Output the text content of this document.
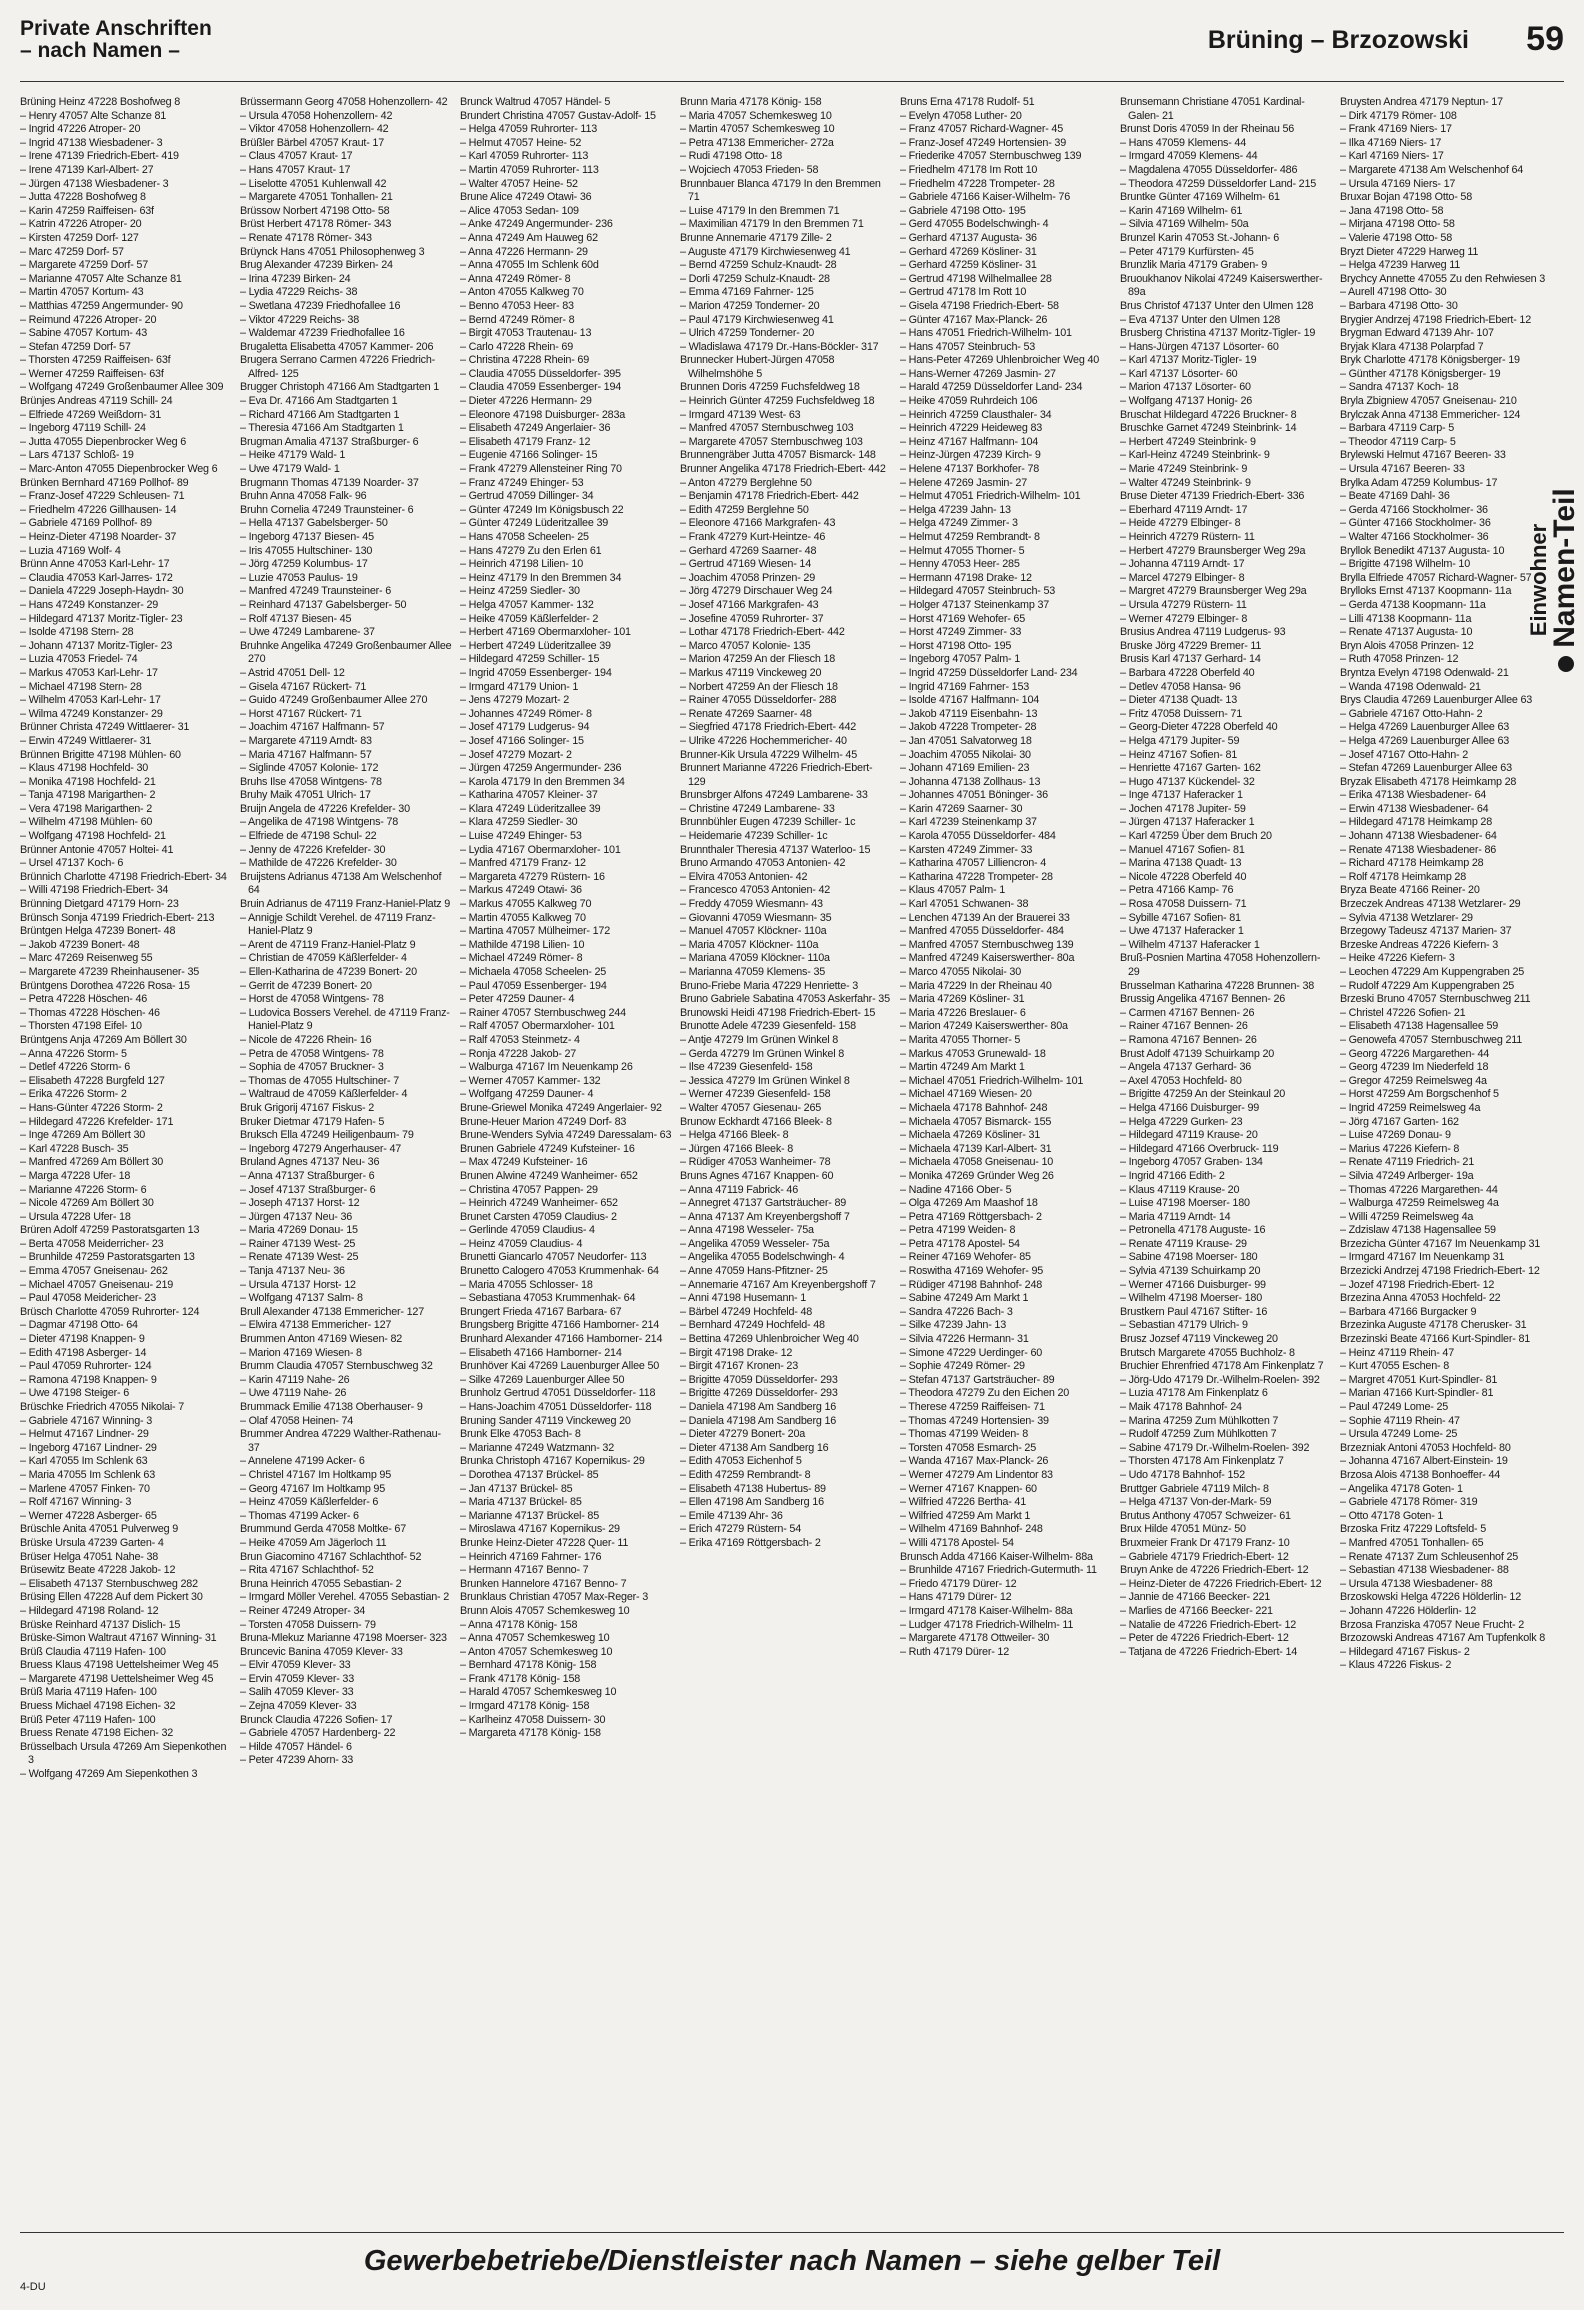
Private Anschriften
– nach Namen –	Brüning – Brzozowski 59
Brüning Heinz 47228 Boshofweg 8
– Henry 47057 Alte Schanze 81
– Ingrid 47226 Atroper- 20
– Ingrid 47138 Wiesbadener- 3
– Irene 47139 Friedrich-Ebert- 419
– Irene 47139 Karl-Albert- 27
– Jürgen 47138 Wiesbadener- 3
– Jutta 47228 Boshofweg 8
– Karin 47259 Raiffeisen- 63f
– Katrin 47226 Atroper- 20
– Kirsten 47259 Dorf- 127
– Marc 47259 Dorf- 57
– Margarete 47259 Dorf- 57
– Marianne 47057 Alte Schanze 81
– Martin 47057 Kortum- 43
– Matthias 47259 Angermunder- 90
– Reimund 47226 Atroper- 20
– Sabine 47057 Kortum- 43
– Stefan 47259 Dorf- 57
– Thorsten 47259 Raiffeisen- 63f
– Werner 47259 Raiffeisen- 63f
– Wolfgang 47249 Großenbaumer Allee 309
Brünjes Andreas 47119 Schill- 24
– Elfriede 47269 Weißdorn- 31
– Ingeborg 47119 Schill- 24
– Jutta 47055 Diepenbrocker Weg 6
– Lars 47137 Schloß- 19
– Marc-Anton 47055 Diepenbrocker Weg 6
Brünken Bernhard 47169 Pollhof- 89
– Franz-Josef 47229 Schleusen- 71
– Friedhelm 47226 Gillhausen- 14
– Gabriele 47169 Pollhof- 89
– Heinz-Dieter 47198 Noarder- 37
– Luzia 47169 Wolf- 4
Brünn Anne 47053 Karl-Lehr- 17
– Claudia 47053 Karl-Jarres- 172
– Daniela 47229 Joseph-Haydn- 30
– Hans 47249 Konstanzer- 29
– Hildegard 47137 Moritz-Tigler- 23
– Isolde 47198 Stern- 28
– Johann 47137 Moritz-Tigler- 23
– Luzia 47053 Friedel- 74
– Markus 47053 Karl-Lehr- 17
– Michael 47198 Stern- 28
– Wilhelm 47053 Karl-Lehr- 17
– Wilma 47249 Konstanzer- 29
Brünner Christa 47249 Wittlaerer- 31
– Erwin 47249 Wittlaerer- 31
Brünnen Brigitte 47198 Mühlen- 60
– Klaus 47198 Hochfeld- 30
– Monika 47198 Hochfeld- 21
– Tanja 47198 Marigarthen- 2
– Vera 47198 Marigarthen- 2
– Wilhelm 47198 Mühlen- 60
– Wolfgang 47198 Hochfeld- 21
Brünner Antonie 47057 Holtei- 41
– Ursel 47137 Koch- 6
Brünnich Charlotte 47198 Friedrich-Ebert- 34
– Willi 47198 Friedrich-Ebert- 34
Brünning Dietgard 47179 Horn- 23
Brünsch Sonja 47199 Friedrich-Ebert- 213
Brüntgen Helga 47239 Bonert- 48
– Jakob 47239 Bonert- 48
– Marc 47269 Reisenweg 55
– Margarete 47239 Rheinhausener- 35
Brüntgens Dorothea 47226 Rosa- 15
– Petra 47228 Höschen- 46
– Thomas 47228 Höschen- 46
– Thorsten 47198 Eifel- 10
Brüntgens Anja 47269 Am Böllert 30
– Anna 47226 Storm- 5
– Detlef 47226 Storm- 6
– Elisabeth 47228 Burgfeld 127
– Erika 47226 Storm- 2
– Hans-Günter 47226 Storm- 2
– Hildegard 47226 Krefelder- 171
– Inge 47269 Am Böllert 30
– Karl 47228 Busch- 35
– Manfred 47269 Am Böllert 30
– Marga 47228 Ufer- 18
– Marianne 47226 Storm- 6
– Nicole 47269 Am Böllert 30
– Ursula 47228 Ufer- 18
Brüren Adolf 47259 Pastoratsgarten 13
– Berta 47058 Meiderricher- 23
– Brunhilde 47259 Pastoratsgarten 13
– Emma 47057 Gneisenau- 262
– Michael 47057 Gneisenau- 219
– Paul 47058 Meidericher- 23
Brüsch Charlotte 47059 Ruhrorter- 124
– Dagmar 47198 Otto- 64
– Dieter 47198 Knappen- 9
– Edith 47198 Asberger- 14
– Paul 47059 Ruhrorter- 124
– Ramona 47198 Knappen- 9
– Uwe 47198 Steiger- 6
Brüschke Friedrich 47055 Nikolai- 7
– Gabriele 47167 Winning- 3
– Helmut 47167 Lindner- 29
– Ingeborg 47167 Lindner- 29
– Karl 47055 Im Schlenk 63
– Maria 47055 Im Schlenk 63
– Marlene 47057 Finken- 70
– Rolf 47167 Winning- 3
– Werner 47228 Asberger- 65
Brüschle Anita 47051 Pulverweg 9
Brüske Ursula 47239 Garten- 4
Brüser Helga 47051 Nahe- 38
Brüsewitz Beate 47228 Jakob- 12
– Elisabeth 47137 Sternbuschweg 282
Brüsing Ellen 47228 Auf dem Pickert 30
– Hildegard 47198 Roland- 12
Brüske Reinhard 47137 Dislich- 15
Brüske-Simon Waltraut 47167 Winning- 31
Brüß Claudia 47119 Hafen- 100
Bruess Klaus 47198 Uettelsheimer Weg 45
– Margarete 47198 Uettelsheimer Weg 45
Brüß Maria 47119 Hafen- 100
Bruess Michael 47198 Eichen- 32
Brüß Peter 47119 Hafen- 100
Bruess Renate 47198 Eichen- 32
Brüsselbach Ursula 47269 Am Siepenkothen 3
– Wolfgang 47269 Am Siepenkothen 3
Brüssermann Georg 47058 Hohenzollern- 42
– Ursula 47058 Hohenzollern- 42
– Viktor 47058 Hohenzollern- 42
Brüßler Bärbel 47057 Kraut- 17
– Claus 47057 Kraut- 17
– Hans 47057 Kraut- 17
– Liselotte 47051 Kuhlenwall 42
– Margarete 47051 Tonhallen- 21
Brüssow Norbert 47198 Otto- 58
Brüst Herbert 47178 Römer- 343
– Renate 47178 Römer- 343
Brüynck Hans 47051 Philosophenweg 3
Brug Alexander 47239 Birken- 24
– Irina 47239 Birken- 24
– Lydia 47229 Reichs- 38
– Swetlana 47239 Friedhofallee 16
– Viktor 47229 Reichs- 38
– Waldemar 47239 Friedhofallee 16
Brugaletta Elisabetta 47057 Kammer- 206
Brugera Serrano Carmen 47226 Friedrich-Alfred- 125
Brugger Christoph 47166 Am Stadtgarten 1
– Eva Dr. 47166 Am Stadtgarten 1
– Richard 47166 Am Stadtgarten 1
– Theresia 47166 Am Stadtgarten 1
Brugman Amalia 47137 Straßburger- 6
– Heike 47179 Wald- 1
– Uwe 47179 Wald- 1
Brugmann Thomas 47139 Noarder- 37
Bruhn Anna 47058 Falk- 96
Bruhn Cornelia 47249 Traunsteiner- 6
– Hella 47137 Gabelsberger- 50
– Ingeborg 47137 Biesen- 45
– Iris 47055 Hultschiner- 130
– Jörg 47259 Kolumbus- 17
– Luzie 47053 Paulus- 19
– Manfred 47249 Traunsteiner- 6
– Reinhard 47137 Gabelsberger- 50
– Rolf 47137 Biesen- 45
– Uwe 47249 Lambarene- 37
Bruhnke Angelika 47249 Großenbaumer Allee 270
– Astrid 47051 Dell- 12
– Gisela 47167 Rückert- 71
– Guido 47249 Großenbaumer Allee 270
– Horst 47167 Rückert- 71
– Joachim 47167 Halfmann- 57
– Margarete 47119 Arndt- 83
– Maria 47167 Halfmann- 57
– Siglinde 47057 Kolonie- 172
Bruhs Ilse 47058 Wintgens- 78
Bruhy Maik 47051 Ulrich- 17
Bruijn Angela de 47226 Krefelder- 30
– Angelika de 47198 Wintgens- 78
– Elfriede de 47198 Schul- 22
– Jenny de 47226 Krefelder- 30
– Mathilde de 47226 Krefelder- 30
Bruijstens Adrianus 47138 Am Welschenhof 64
Bruin Adrianus de 47119 Franz-Haniel-Platz 9
– Annigje Schildt Verehel. de 47119 Franz-Haniel-Platz 9
– Arent de 47119 Franz-Haniel-Platz 9
– Christian de 47059 Käßlerfelder- 4
– Ellen-Katharina de 47239 Bonert- 20
– Gerrit de 47239 Bonert- 20
– Horst de 47058 Wintgens- 78
– Ludovica Bossers Verehel. de 47119 Franz-Haniel-Platz 9
– Nicole de 47226 Rhein- 16
– Petra de 47058 Wintgens- 78
– Sophia de 47057 Bruckner- 3
– Thomas de 47055 Hultschiner- 7
– Waltraud de 47059 Käßlerfelder- 4
Bruk Grigorij 47167 Fiskus- 2
Bruker Dietmar 47179 Hafen- 5
Bruksch Ella 47249 Heiligenbaum- 79
– Ingeborg 47279 Angerhauser- 47
Bruland Agnes 47137 Neu- 36
– Anna 47137 Straßburger- 6
– Josef 47137 Straßburger- 6
– Joseph 47137 Horst- 12
– Jürgen 47137 Neu- 36
– Maria 47269 Donau- 15
– Rainer 47139 West- 25
– Renate 47139 West- 25
– Tanja 47137 Neu- 36
– Ursula 47137 Horst- 12
– Wolfgang 47137 Salm- 8
Brull Alexander 47138 Emmericher- 127
– Elwira 47138 Emmericher- 127
Brummen Anton 47169 Wiesen- 82
– Marion 47169 Wiesen- 8
Brumm Claudia 47057 Sternbuschweg 32
– Karin 47119 Nahe- 26
– Uwe 47119 Nahe- 26
Brummack Emilie 47138 Oberhauser- 9
– Olaf 47058 Heinen- 74
Brummer Andrea 47229 Walther-Rathenau- 37
– Annelene 47199 Acker- 6
– Christel 47167 Im Holtkamp 95
– Georg 47167 Im Holtkamp 95
– Heinz 47059 Käßlerfelder- 6
– Thomas 47199 Acker- 6
Brummund Gerda 47058 Moltke- 67
– Heike 47059 Am Jägerloch 11
Brun Giacomino 47167 Schlachthof- 52
– Rita 47167 Schlachthof- 52
Bruna Heinrich 47055 Sebastian- 2
– Irmgard Möller Verehel. 47055 Sebastian- 2
– Reiner 47249 Atroper- 34
– Torsten 47058 Duissern- 79
Bruna-Mlekuz Marianne 47198 Moerser- 323
Bruncevic Banina 47059 Klever- 33
– Elvir 47059 Klever- 33
– Ervin 47059 Klever- 33
– Salih 47059 Klever- 33
– Zejna 47059 Klever- 33
Brunck Claudia 47226 Sofien- 17
– Gabriele 47057 Hardenberg- 22
– Hilde 47057 Händel- 6
– Peter 47239 Ahorn- 33
Brunck Waltrud 47057 Händel- 5
Brundert Christina 47057 Gustav-Adolf- 15
– Helga 47059 Ruhrorter- 113
– Helmut 47057 Heine- 52
– Karl 47059 Ruhrorter- 113
– Martin 47059 Ruhrorter- 113
– Walter 47057 Heine- 52
Brune Alice 47249 Otawi- 36
– Alice 47053 Sedan- 109
– Anke 47249 Angermunder- 236
– Anna 47249 Am Hauweg 62
– Anna 47226 Hermann- 29
– Anna 47055 Im Schlenk 60d
– Anna 47249 Römer- 8
– Anton 47055 Kalkweg 70
– Benno 47053 Heer- 83
– Bernd 47249 Römer- 8
– Birgit 47053 Trautenau- 13
– Carlo 47228 Rhein- 69
– Christina 47228 Rhein- 69
– Claudia 47055 Düsseldorfer- 395
– Claudia 47059 Essenberger- 194
– Dieter 47226 Hermann- 29
– Eleonore 47198 Duisburger- 283a
– Elisabeth 47249 Angerlaier- 36
– Elisabeth 47179 Franz- 12
– Eugenie 47166 Solinger- 15
– Frank 47279 Allensteiner Ring 70
– Franz 47249 Ehinger- 53
– Gertrud 47059 Dillinger- 34
– Günter 47249 Im Königsbusch 22
– Günter 47249 Lüderitzallee 39
– Hans 47058 Scheelen- 25
– Hans 47279 Zu den Erlen 61
– Heinrich 47198 Lilien- 10
– Heinz 47179 In den Bremmen 34
– Heinz 47259 Siedler- 30
– Helga 47057 Kammer- 132
– Heike 47059 Käßlerfelder- 2
– Herbert 47169 Obermarxloher- 101
– Herbert 47249 Lüderitzallee 39
– Hildegard 47259 Schiller- 15
– Ingrid 47059 Essenberger- 194
– Irmgard 47179 Union- 1
– Jens 47279 Mozart- 2
– Johannes 47249 Römer- 8
– Josef 47179 Ludgerus- 94
– Josef 47166 Solinger- 15
– Josef 47279 Mozart- 2
– Jürgen 47259 Angermunder- 236
– Karola 47179 In den Bremmen 34
– Katharina 47057 Kleiner- 37
– Klara 47249 Lüderitzallee 39
– Klara 47259 Siedler- 30
– Luise 47249 Ehinger- 53
– Lydia 47167 Obermarxloher- 101
– Manfred 47179 Franz- 12
– Margareta 47279 Rüstern- 16
– Markus 47249 Otawi- 36
– Markus 47055 Kalkweg 70
– Martin 47055 Kalkweg 70
– Martina 47057 Mülheimer- 172
– Mathilde 47198 Lilien- 10
– Michael 47249 Römer- 8
– Michaela 47058 Scheelen- 25
– Paul 47059 Essenberger- 194
– Peter 47259 Dauner- 4
– Rainer 47057 Sternbuschweg 244
– Ralf 47057 Obermarxloher- 101
– Ralf 47053 Steinmetz- 4
– Ronja 47228 Jakob- 27
– Walburga 47167 Im Neuenkamp 26
– Werner 47057 Kammer- 132
– Wolfgang 47259 Dauner- 4
Brune-Griewel Monika 47249 Angerlaier- 92
Brune-Heuer Marion 47249 Dorf- 83
Brune-Wenders Sylvia 47249 Daressalam- 63
Brunen Gabriele 47249 Kufsteiner- 16
– Max 47249 Kufsteiner- 16
Brunen Alwine 47249 Wanheimer- 652
– Christina 47057 Pappen- 29
– Heinrich 47249 Wanheimer- 652
Brunet Carsten 47059 Claudius- 2
– Gerlinde 47059 Claudius- 4
– Heinz 47059 Claudius- 4
Brunetti Giancarlo 47057 Neudorfer- 113
Brunetto Calogero 47053 Krummenhak- 64
– Maria 47055 Schlosser- 18
– Sebastiana 47053 Krummenhak- 64
Brungert Frieda 47167 Barbara- 67
Brungsberg Brigitte 47166 Hamborner- 214
Brunhard Alexander 47166 Hamborner- 214
– Elisabeth 47166 Hamborner- 214
Brunhöver Kai 47269 Lauenburger Allee 50
– Silke 47269 Lauenburger Allee 50
Brunholz Gertrud 47051 Düsseldorfer- 118
– Hans-Joachim 47051 Düsseldorfer- 118
Bruning Sander 47119 Vinckeweg 20
Brunk Elke 47053 Bach- 8
– Marianne 47249 Watzmann- 32
Brunka Christoph 47167 Kopernikus- 29
– Dorothea 47137 Brückel- 85
– Jan 47137 Brückel- 85
– Maria 47137 Brückel- 85
– Marianne 47137 Brückel- 85
– Miroslawa 47167 Kopernikus- 29
Brunke Heinz-Dieter 47228 Quer- 11
– Heinrich 47169 Fahrner- 176
– Hermann 47167 Benno- 7
Brunken Hannelore 47167 Benno- 7
Brunklaus Christian 47057 Max-Reger- 3
Brunn Alois 47057 Schemkesweg 10
– Anna 47178 König- 158
– Anna 47057 Schemkesweg 10
– Anton 47057 Schemkesweg 10
– Bernhard 47178 König- 158
– Frank 47178 König- 158
– Harald 47057 Schemkesweg 10
– Irmgard 47178 König- 158
– Karlheinz 47058 Duissern- 30
– Margareta 47178 König- 158
Brunn Maria 47178 König- 158
– Maria 47057 Schemkesweg 10
– Martin 47057 Schemkesweg 10
– Petra 47138 Emmericher- 272a
– Rudi 47198 Otto- 18
– Wojciech 47053 Frieden- 58
Brunnbauer Blanca 47179 In den Bremmen 71
– Luise 47179 In den Bremmen 71
– Maximilian 47179 In den Bremmen 71
Brunne Annemarie 47179 Zille- 2
– Auguste 47179 Kirchwiesenweg 41
– Bernd 47259 Schulz-Knaudt- 28
– Dorli 47259 Schulz-Knaudt- 28
– Emma 47169 Fahrner- 125
– Marion 47259 Tonderner- 20
– Paul 47179 Kirchwiesenweg 41
– Ulrich 47259 Tonderner- 20
– Wladislawa 47179 Dr.-Hans-Böckler- 317
Brunnecker Hubert-Jürgen 47058 Wilhelmshöhe 5
Brunnen Doris 47259 Fuchsfeldweg 18
– Heinrich Günter 47259 Fuchsfeldweg 18
– Irmgard 47139 West- 63
– Manfred 47057 Sternbuschweg 103
– Margarete 47057 Sternbuschweg 103
Brunnengräber Jutta 47057 Bismarck- 148
Brunner Angelika 47178 Friedrich-Ebert- 442
– Anton 47279 Berglehne 50
– Benjamin 47178 Friedrich-Ebert- 442
– Edith 47259 Berglehne 50
– Eleonore 47166 Markgrafen- 43
– Frank 47279 Kurt-Heintze- 46
– Gerhard 47269 Saarner- 48
– Gertrud 47169 Wiesen- 14
– Joachim 47058 Prinzen- 29
– Jörg 47279 Dirschauer Weg 24
– Josef 47166 Markgrafen- 43
– Josefine 47059 Ruhrorter- 37
– Lothar 47178 Friedrich-Ebert- 442
– Marco 47057 Kolonie- 135
– Marion 47259 An der Fliesch 18
– Markus 47119 Vinckeweg 20
– Norbert 47259 An der Fliesch 18
– Rainer 47055 Düsseldorfer- 288
– Renate 47269 Saarner- 48
– Siegfried 47178 Friedrich-Ebert- 442
– Ulrike 47226 Hochemmericher- 40
Brunner-Kik Ursula 47229 Wilhelm- 45
Brunnert Marianne 47226 Friedrich-Ebert- 129
Brunsbrger Alfons 47249 Lambarene- 33
– Christine 47249 Lambarene- 33
Brunnbühler Eugen 47239 Schiller- 1c
– Heidemarie 47239 Schiller- 1c
Brunnthaler Theresia 47137 Waterloo- 15
Bruno Armando 47053 Antonien- 42
– Elvira 47053 Antonien- 42
– Francesco 47053 Antonien- 42
– Freddy 47059 Wiesmann- 43
– Giovanni 47059 Wiesmann- 35
– Manuel 47057 Klöckner- 110a
– Maria 47057 Klöckner- 110a
– Mariana 47059 Klöckner- 110a
– Marianna 47059 Klemens- 35
Bruno-Friebe Maria 47229 Henriette- 3
Bruno Gabriele Sabatina 47053 Askerfahr- 35
Brunowski Heidi 47198 Friedrich-Ebert- 15
Brunotte Adele 47239 Giesenfeld- 158
– Antje 47279 Im Grünen Winkel 8
– Gerda 47279 Im Grünen Winkel 8
– Ilse 47239 Giesenfeld- 158
– Jessica 47279 Im Grünen Winkel 8
– Werner 47239 Giesenfeld- 158
– Walter 47057 Giesenau- 265
Brunow Eckhardt 47166 Bleek- 8
– Helga 47166 Bleek- 8
– Jürgen 47166 Bleek- 8
– Rüdiger 47053 Wanheimer- 78
Bruns Agnes 47167 Knappen- 60
– Anna 47119 Fabrick- 46
– Annegret 47137 Gartsträucher- 89
– Anna 47137 Am Kreyenbergshoff 7
– Anna 47198 Wesseler- 75a
– Angelika 47059 Wesseler- 75a
– Angelika 47055 Bodelschwingh- 4
– Anne 47059 Hans-Pfitzner- 25
– Annemarie 47167 Am Kreyenbergshoff 7
– Anni 47198 Husemann- 1
– Bärbel 47249 Hochfeld- 48
– Bernhard 47249 Hochfeld- 48
– Bettina 47269 Uhlenbroicher Weg 40
– Birgit 47198 Drake- 12
– Birgit 47167 Kronen- 23
– Brigitte 47059 Düsseldorfer- 293
– Brigitte 47269 Düsseldorfer- 293
– Daniela 47198 Am Sandberg 16
– Daniela 47198 Am Sandberg 16
– Dieter 47279 Bonert- 20a
– Dieter 47138 Am Sandberg 16
– Edith 47053 Eichenhof 5
– Edith 47259 Rembrandt- 8
– Elisabeth 47138 Hubertus- 89
– Ellen 47198 Am Sandberg 16
– Emile 47139 Ahr- 36
– Erich 47279 Rüstern- 54
– Erika 47169 Röttgersbach- 2
Bruns Erna 47178 Rudolf- 51
– Evelyn 47058 Luther- 20
– Franz 47057 Richard-Wagner- 45
– Franz-Josef 47249 Hortensien- 39
– Friederike 47057 Sternbuschweg 139
– Friedhelm 47178 Im Rott 10
– Friedhelm 47228 Trompeter- 28
– Gabriele 47166 Kaiser-Wilhelm- 76
– Gabriele 47198 Otto- 195
– Gerd 47055 Bodelschwingh- 4
– Gerhard 47137 Augusta- 36
– Gerhard 47269 Kösliner- 31
– Gerhard 47259 Kösliner- 31
– Gertrud 47198 Wilhelmallee 28
– Gertrud 47178 Im Rott 10
– Gisela 47198 Friedrich-Ebert- 58
– Günter 47167 Max-Planck- 26
– Hans 47051 Friedrich-Wilhelm- 101
– Hans 47057 Steinbruch- 53
– Hans-Peter 47269 Uhlenbroicher Weg 40
– Hans-Werner 47269 Jasmin- 27
– Harald 47259 Düsseldorfer Land- 234
– Heike 47059 Ruhrdeich 106
– Heinrich 47259 Clausthaler- 34
– Heinrich 47229 Heideweg 83
– Heinz 47167 Halfmann- 104
– Heinz-Jürgen 47239 Kirch- 9
– Helene 47137 Borkhofer- 78
– Helene 47269 Jasmin- 27
– Helmut 47051 Friedrich-Wilhelm- 101
– Helga 47239 Jahn- 13
– Helga 47249 Zimmer- 3
– Helmut 47259 Rembrandt- 8
– Helmut 47055 Thorner- 5
– Henny 47053 Heer- 285
– Hermann 47198 Drake- 12
– Hildegard 47057 Steinbruch- 53
– Holger 47137 Steinenkamp 37
– Horst 47169 Wehofer- 65
– Horst 47249 Zimmer- 33
– Horst 47198 Otto- 195
– Ingeborg 47057 Palm- 1
– Ingrid 47259 Düsseldorfer Land- 234
– Ingrid 47169 Fahrner- 153
– Isolde 47167 Halfmann- 104
– Jakob 47119 Eisenbahn- 13
– Jakob 47228 Trompeter- 28
– Jan 47051 Salvatorweg 18
– Joachim 47055 Nikolai- 30
– Johann 47169 Emilien- 23
– Johanna 47138 Zollhaus- 13
– Johannes 47051 Böninger- 36
– Karin 47269 Saarner- 30
– Karl 47239 Steinenkamp 37
– Karola 47055 Düsseldorfer- 484
– Karsten 47249 Zimmer- 33
– Katharina 47057 Lilliencron- 4
– Katharina 47228 Trompeter- 28
– Klaus 47057 Palm- 1
– Karl 47051 Schwanen- 38
– Lenchen 47139 An der Brauerei 33
– Manfred 47055 Düsseldorfer- 484
– Manfred 47057 Sternbuschweg 139
– Manfred 47249 Kaiserswerther- 80a
– Marco 47055 Nikolai- 30
– Maria 47229 In der Rheinau 40
– Maria 47269 Kösliner- 31
– Maria 47226 Breslauer- 6
– Marion 47249 Kaiserswerther- 80a
– Marita 47055 Thorner- 5
– Markus 47053 Grunewald- 18
– Martin 47249 Am Markt 1
– Michael 47051 Friedrich-Wilhelm- 101
– Michael 47169 Wiesen- 20
– Michaela 47178 Bahnhof- 248
– Michaela 47057 Bismarck- 155
– Michaela 47269 Kösliner- 31
– Michaela 47139 Karl-Albert- 31
– Michaela 47058 Gneisenau- 10
– Monika 47269 Gründer Weg 26
– Nadine 47166 Ober- 5
– Olga 47269 Am Maashof 18
– Petra 47169 Röttgersbach- 2
– Petra 47199 Weiden- 8
– Petra 47178 Apostel- 54
– Reiner 47169 Wehofer- 85
– Roswitha 47169 Wehofer- 95
– Rüdiger 47198 Bahnhof- 248
– Sabine 47249 Am Markt 1
– Sandra 47226 Bach- 3
– Silke 47239 Jahn- 13
– Silvia 47226 Hermann- 31
– Simone 47229 Uerdinger- 60
– Sophie 47249 Römer- 29
– Stefan 47137 Gartsträucher- 89
– Theodora 47279 Zu den Eichen 20
– Therese 47259 Raiffeisen- 71
– Thomas 47249 Hortensien- 39
– Thomas 47199 Weiden- 8
– Torsten 47058 Esmarch- 25
– Wanda 47167 Max-Planck- 26
– Werner 47279 Am Lindentor 83
– Werner 47167 Knappen- 60
– Wilfried 47226 Bertha- 41
– Wilfried 47259 Am Markt 1
– Wilhelm 47169 Bahnhof- 248
– Willi 47178 Apostel- 54
Brunsch Adda 47166 Kaiser-Wilhelm- 88a
– Brunhilde 47167 Friedrich-Gutermuth- 11
– Friedo 47179 Dürer- 12
– Hans 47179 Dürer- 12
– Irmgard 47178 Kaiser-Wilhelm- 88a
– Ludger 47178 Friedrich-Wilhelm- 11
– Margarete 47178 Ottweiler- 30
– Ruth 47179 Dürer- 12
Brunsemann Christiane 47051 Kardinal-Galen- 21
Brunst Doris 47059 In der Rheinau 56
– Hans 47059 Klemens- 44
– Irmgard 47059 Klemens- 44
– Magdalena 47055 Düsseldorfer- 486
– Theodora 47259 Düsseldorfer Land- 215
Bruntke Günter 47169 Wilhelm- 61
– Karin 47169 Wilhelm- 61
– Silvia 47169 Wilhelm- 50a
Brunzel Karin 47053 St.-Johann- 6
– Peter 47179 Kurfürsten- 45
Brunzlik Maria 47179 Graben- 9
Bruoukhanov Nikolai 47249 Kaiserswerther- 89a
Brus Christof 47137 Unter den Ulmen 128
– Eva 47137 Unter den Ulmen 128
Brusberg Christina 47137 Moritz-Tigler- 19
– Hans-Jürgen 47137 Lösorter- 60
– Karl 47137 Moritz-Tigler- 19
– Karl 47137 Lösorter- 60
– Marion 47137 Lösorter- 60
– Wolfgang 47137 Honig- 26
Bruschat Hildegard 47226 Bruckner- 8
Bruschke Garnet 47249 Steinbrink- 14
– Herbert 47249 Steinbrink- 9
– Karl-Heinz 47249 Steinbrink- 9
– Marie 47249 Steinbrink- 9
– Walter 47249 Steinbrink- 9
Bruse Dieter 47139 Friedrich-Ebert- 336
– Eberhard 47119 Arndt- 17
– Heide 47279 Elbinger- 8
– Heinrich 47279 Rüstern- 11
– Herbert 47279 Braunsberger Weg 29a
– Johanna 47119 Arndt- 17
– Marcel 47279 Elbinger- 8
– Margret 47279 Braunsberger Weg 29a
– Ursula 47279 Rüstern- 11
– Werner 47279 Elbinger- 8
Brusius Andrea 47119 Ludgerus- 93
Bruske Jörg 47229 Bremer- 11
Brusis Karl 47137 Gerhard- 14
– Barbara 47228 Oberfeld 40
– Detlev 47058 Hansa- 96
– Dieter 47138 Quadt- 13
– Fritz 47058 Duissern- 71
– Georg-Dieter 47228 Oberfeld 40
– Helga 47179 Jupiter- 59
– Heinz 47167 Sofien- 81
– Henriette 47167 Garten- 162
– Hugo 47137 Kückendel- 32
– Inge 47137 Haferacker 1
– Jochen 47178 Jupiter- 59
– Jürgen 47137 Haferacker 1
– Karl 47259 Über dem Bruch 20
– Manuel 47167 Sofien- 81
– Marina 47138 Quadt- 13
– Nicole 47228 Oberfeld 40
– Petra 47166 Kamp- 76
– Rosa 47058 Duissern- 71
– Sybille 47167 Sofien- 81
– Uwe 47137 Haferacker 1
– Wilhelm 47137 Haferacker 1
Bruß-Posnien Martina 47058 Hohenzollern- 29
Brusselman Katharina 47228 Brunnen- 38
Brussig Angelika 47167 Bennen- 26
– Carmen 47167 Bennen- 26
– Rainer 47167 Bennen- 26
– Ramona 47167 Bennen- 26
Brust Adolf 47139 Schuirkamp 20
– Angela 47137 Gerhard- 36
– Axel 47053 Hochfeld- 80
– Brigitte 47259 An der Steinkaul 20
– Helga 47166 Duisburger- 99
– Helga 47229 Gurken- 23
– Hildegard 47119 Krause- 20
– Hildegard 47166 Overbruck- 119
– Ingeborg 47057 Graben- 134
– Ingrid 47166 Edith- 2
– Klaus 47119 Krause- 20
– Luise 47198 Moerser- 180
– Maria 47119 Arndt- 14
– Petronella 47178 Auguste- 16
– Renate 47119 Krause- 29
– Sabine 47198 Moerser- 180
– Sylvia 47139 Schuirkamp 20
– Werner 47166 Duisburger- 99
– Wilhelm 47198 Moerser- 180
Brustkern Paul 47167 Stifter- 16
– Sebastian 47179 Ulrich- 9
Brusz Jozsef 47119 Vinckeweg 20
Brutsch Margarete 47055 Buchholz- 8
Bruchier Ehrenfried 47178 Am Finkenplatz 7
– Jörg-Udo 47179 Dr.-Wilhelm-Roelen- 392
– Luzia 47178 Am Finkenplatz 6
– Maik 47178 Bahnhof- 24
– Marina 47259 Zum Mühlkotten 7
– Rudolf 47259 Zum Mühlkotten 7
– Sabine 47179 Dr.-Wilhelm-Roelen- 392
– Thorsten 47178 Am Finkenplatz 7
– Udo 47178 Bahnhof- 152
Bruttger Gabriele 47119 Milch- 8
– Helga 47137 Von-der-Mark- 59
Brutus Anthony 47057 Schweizer- 61
Brux Hilde 47051 Münz- 50
Bruxmeier Frank Dr 47179 Franz- 10
– Gabriele 47179 Friedrich-Ebert- 12
Bruyn Anke de 47226 Friedrich-Ebert- 12
– Heinz-Dieter de 47226 Friedrich-Ebert- 12
– Jannie de 47166 Beecker- 221
– Marlies de 47166 Beecker- 221
– Natalie de 47226 Friedrich-Ebert- 12
– Peter de 47226 Friedrich-Ebert- 12
– Tatjana de 47226 Friedrich-Ebert- 14
Bruysten Andrea 47179 Neptun- 17
– Dirk 47179 Römer- 108
– Frank 47169 Niers- 17
– Ilka 47169 Niers- 17
– Karl 47169 Niers- 17
– Margarete 47138 Am Welschenhof 64
– Ursula 47169 Niers- 17
Bruxar Bojan 47198 Otto- 58
– Jana 47198 Otto- 58
– Mirjana 47198 Otto- 58
– Valerie 47198 Otto- 58
Bryzt Dieter 47229 Harweg 11
– Helga 47239 Harweg 11
Brychcy Annette 47055 Zu den Rehwiesen 3
– Aurell 47198 Otto- 30
– Barbara 47198 Otto- 30
Brygier Andrzej 47198 Friedrich-Ebert- 12
Brygman Edward 47139 Ahr- 107
Bryjak Klara 47138 Polarpfad 7
Bryk Charlotte 47178 Königsberger- 19
– Günther 47178 Königsberger- 19
– Sandra 47137 Koch- 18
Bryla Zbigniew 47057 Gneisenau- 210
Brylczak Anna 47138 Emmericher- 124
– Barbara 47119 Carp- 5
– Theodor 47119 Carp- 5
Brylewski Helmut 47167 Beeren- 33
– Ursula 47167 Beeren- 33
Brylka Adam 47259 Kolumbus- 17
– Beate 47169 Dahl- 36
– Gerda 47166 Stockholmer- 36
– Günter 47166 Stockholmer- 36
– Walter 47166 Stockholmer- 36
Bryllok Benedikt 47137 Augusta- 10
– Brigitte 47198 Wilhelm- 10
Brylla Elfriede 47057 Richard-Wagner- 57
Brylloks Ernst 47137 Koopmann- 11a
– Gerda 47138 Koopmann- 11a
– Lilli 47138 Koopmann- 11a
– Renate 47137 Augusta- 10
Bryn Alois 47058 Prinzen- 12
– Ruth 47058 Prinzen- 12
Bryntza Evelyn 47198 Odenwald- 21
– Wanda 47198 Odenwald- 21
Brys Claudia 47269 Lauenburger Allee 63
– Gabriele 47167 Otto-Hahn- 2
– Helga 47269 Lauenburger Allee 63
– Helga 47269 Lauenburger Allee 63
– Josef 47167 Otto-Hahn- 2
– Stefan 47269 Lauenburger Allee 63
Bryzak Elisabeth 47178 Heimkamp 28
– Erika 47138 Wiesbadener- 64
– Erwin 47138 Wiesbadener- 64
– Hildegard 47178 Heimkamp 28
– Johann 47138 Wiesbadener- 64
– Renate 47138 Wiesbadener- 86
– Richard 47178 Heimkamp 28
– Rolf 47178 Heimkamp 28
Bryza Beate 47166 Reiner- 20
Brzeczek Andreas 47138 Wetzlarer- 29
– Sylvia 47138 Wetzlarer- 29
Brzegowy Tadeusz 47137 Marien- 37
Brzeske Andreas 47226 Kiefern- 3
– Heike 47226 Kiefern- 3
– Leochen 47229 Am Kuppengraben 25
– Rudolf 47229 Am Kuppengraben 25
Brzeski Bruno 47057 Sternbuschweg 211
– Christel 47226 Sofien- 21
– Elisabeth 47138 Hagensallee 59
– Genowefa 47057 Sternbuschweg 211
– Georg 47226 Margarethen- 44
– Georg 47239 Im Niederfeld 18
– Gregor 47259 Reimelsweg 4a
– Horst 47259 Am Borgschenhof 5
– Ingrid 47259 Reimelsweg 4a
– Jörg 47167 Garten- 162
– Luise 47269 Donau- 9
– Marius 47226 Kiefern- 8
– Renate 47119 Friedrich- 21
– Silvia 47249 Arlberger- 19a
– Thomas 47226 Margarethen- 44
– Walburga 47259 Reimelsweg 4a
– Willi 47259 Reimelsweg 4a
– Zdzislaw 47138 Hagensallee 59
Brzezicha Günter 47167 Im Neuenkamp 31
– Irmgard 47167 Im Neuenkamp 31
Brzezicki Andrzej 47198 Friedrich-Ebert- 12
– Jozef 47198 Friedrich-Ebert- 12
Brzezina Anna 47053 Hochfeld- 22
– Barbara 47166 Burgacker 9
Brzezinka Auguste 47178 Cherusker- 31
Brzezinski Beate 47166 Kurt-Spindler- 81
– Heinz 47119 Rhein- 47
– Kurt 47055 Eschen- 8
– Margret 47051 Kurt-Spindler- 81
– Marian 47166 Kurt-Spindler- 81
– Paul 47249 Lome- 25
– Sophie 47119 Rhein- 47
– Ursula 47249 Lome- 25
Brzezniak Antoni 47053 Hochfeld- 80
– Johanna 47167 Albert-Einstein- 19
Brzosa Alois 47138 Bonhoeffer- 44
– Angelika 47178 Goten- 1
– Gabriele 47178 Römer- 319
– Otto 47178 Goten- 1
Brzoska Fritz 47229 Loftsfeld- 5
– Manfred 47051 Tonhallen- 65
– Renate 47137 Zum Schleusenhof 25
– Sebastian 47138 Wiesbadener- 88
– Ursula 47138 Wiesbadener- 88
Brzoskowski Helga 47226 Hölderlin- 12
– Johann 47226 Hölderlin- 12
Brzosa Franziska 47057 Neue Frucht- 2
Brzozowski Andreas 47167 Am Tupfenkolk 8
– Hildegard 47167 Fiskus- 2
– Klaus 47226 Fiskus- 2
Einwohner
Namen-Teil
Gewerbebetriebe/Dienstleister nach Namen – siehe gelber Teil
4-DU
